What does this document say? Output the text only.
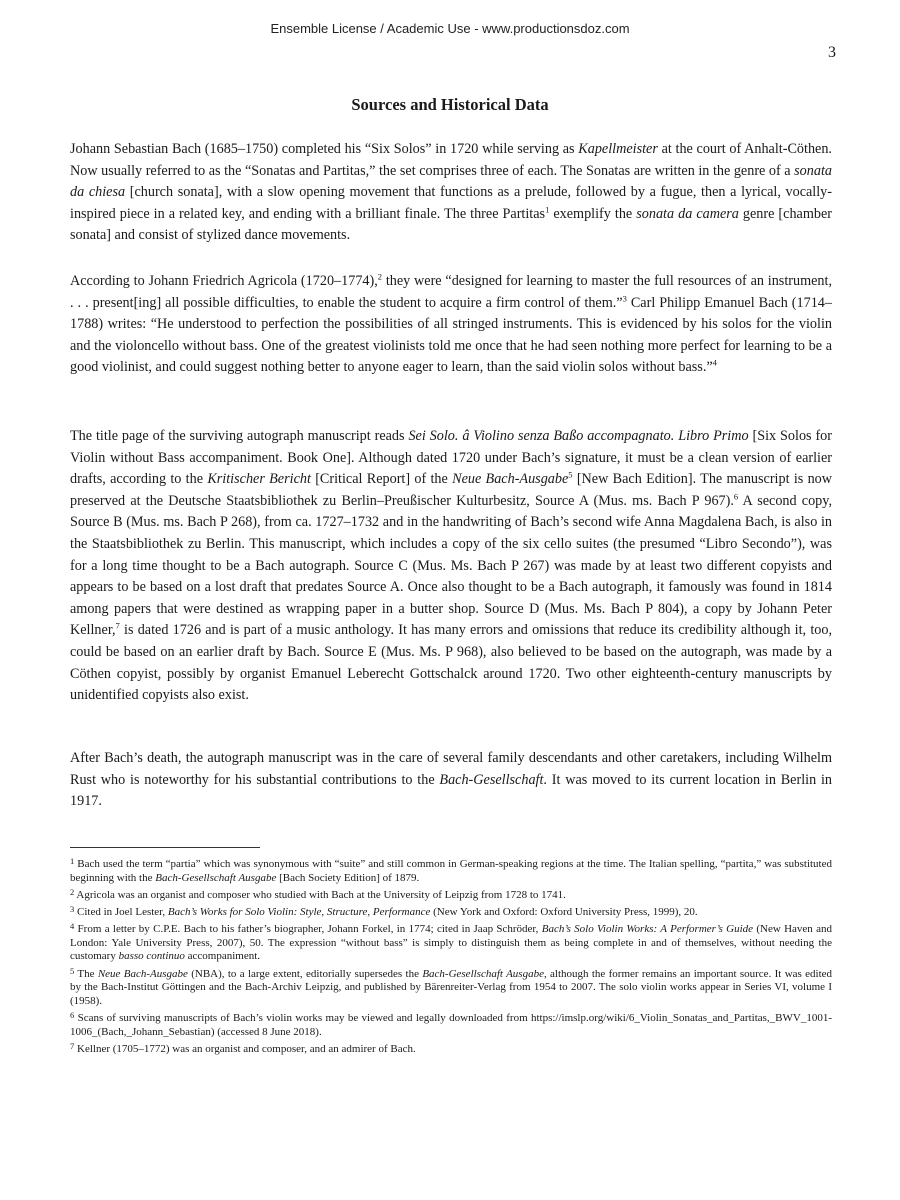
Ensemble License / Academic Use - www.productionsdoz.com
3
Sources and Historical Data

Johann Sebastian Bach (1685–1750) completed his “Six Solos” in 1720 while serving as Kapellmeister at the court of Anhalt-Cöthen. Now usually referred to as the “Sonatas and Partitas,” the set comprises three of each. The Sonatas are written in the genre of a sonata da chiesa [church sonata], with a slow opening movement that functions as a prelude, followed by a fugue, then a lyrical, vocally-inspired piece in a related key, and ending with a brilliant finale. The three Partitas$^1$ exemplify the sonata da camera genre [chamber sonata] and consist of stylized dance movements.

According to Johann Friedrich Agricola (1720–1774),$^2$ they were “designed for learning to master the full resources of an instrument, . . . present[ing] all possible difficulties, to enable the student to acquire a firm control of them.”$^3$ Carl Philipp Emanuel Bach (1714–1788) writes: “He understood to perfection the possibilities of all stringed instruments. This is evidenced by his solos for the violin and the violoncello without bass. One of the greatest violinists told me once that he had seen nothing more perfect for learning to be a good violinist, and could suggest nothing better to anyone eager to learn, than the said violin solos without bass.”$^4$

The title page of the surviving autograph manuscript reads Sei Solo. â Violino senza Baßo accompagnato. Libro Primo [Six Solos for Violin without Bass accompaniment. Book One]. Although dated 1720 under Bach’s signature, it must be a clean version of earlier drafts, according to the Kritischer Bericht [Critical Report] of the Neue Bach-Ausgabe$^5$ [New Bach Edition]. The manuscript is now preserved at the Deutsche Staatsbibliothek zu Berlin–Preußischer Kulturbesitz, Source A (Mus. ms. Bach P 967).$^6$ A second copy, Source B (Mus. ms. Bach P 268), from ca. 1727–1732 and in the handwriting of Bach’s second wife Anna Magdalena Bach, is also in the Staatsbibliothek zu Berlin. This manuscript, which includes a copy of the six cello suites (the presumed “Libro Secondo”), was for a long time thought to be a Bach autograph. Source C (Mus. Ms. Bach P 267) was made by at least two different copyists and appears to be based on a lost draft that predates Source A. Once also thought to be a Bach autograph, it famously was found in 1814 among papers that were destined as wrapping paper in a butter shop. Source D (Mus. Ms. Bach P 804), a copy by Johann Peter Kellner,$^7$ is dated 1726 and is part of a music anthology. It has many errors and omissions that reduce its credibility although it, too, could be based on an earlier draft by Bach. Source E (Mus. Ms. P 968), also believed to be based on the autograph, was made by a Cöthen copyist, possibly by organist Emanuel Leberecht Gottschalck around 1720. Two other eighteenth-century manuscripts by unidentified copyists also exist.

After Bach’s death, the autograph manuscript was in the care of several family descendants and other caretakers, including Wilhelm Rust who is noteworthy for his substantial contributions to the Bach-Gesellschaft. It was moved to its current location in Berlin in 1917.

$^1$ Bach used the term “partia” which was synonymous with “suite” and still common in German-speaking regions at the time. The Italian spelling, “partita,” was substituted beginning with the Bach-Gesellschaft Ausgabe [Bach Society Edition] of 1879.

$^2$ Agricola was an organist and composer who studied with Bach at the University of Leipzig from 1728 to 1741.

$^3$ Cited in Joel Lester, Bach’s Works for Solo Violin: Style, Structure, Performance (New York and Oxford: Oxford University Press, 1999), 20.

$^4$ From a letter by C.P.E. Bach to his father’s biographer, Johann Forkel, in 1774; cited in Jaap Schröder, Bach’s Solo Violin Works: A Performer’s Guide (New Haven and London: Yale University Press, 2007), 50. The expression “without bass” is simply to distinguish them as being complete in and of themselves, without needing the customary basso continuo accompaniment.

$^5$ The Neue Bach-Ausgabe (NBA), to a large extent, editorially supersedes the Bach-Gesellschaft Ausgabe, although the former remains an important source. It was edited by the Bach-Institut Göttingen and the Bach-Archiv Leipzig, and published by Bärenreiter-Verlag from 1954 to 2007. The solo violin works appear in Series VI, volume I (1958).

$^6$ Scans of surviving manuscripts of Bach’s violin works may be viewed and legally downloaded from https://imslp.org/wiki/6_Violin_Sonatas_and_Partitas,_BWV_1001-1006_(Bach,_Johann_Sebastian) (accessed 8 June 2018).

$^7$ Kellner (1705–1772) was an organist and composer, and an admirer of Bach.
